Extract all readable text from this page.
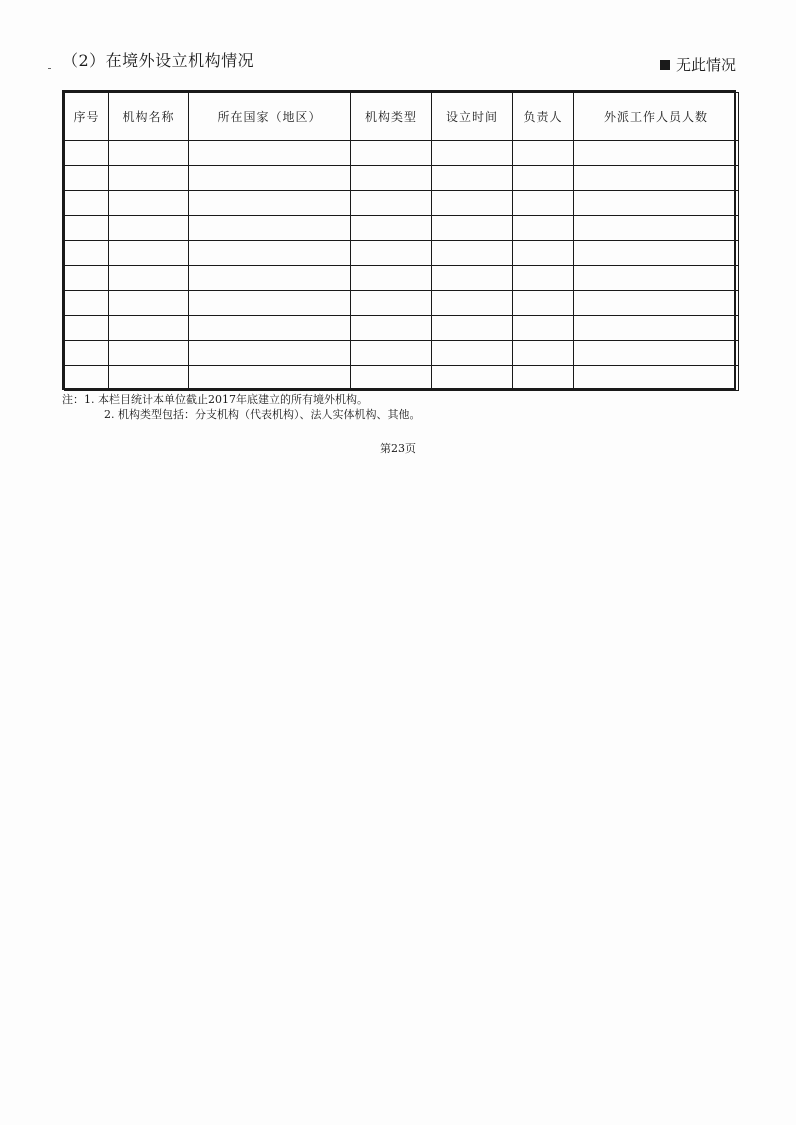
（2）在境外设立机构情况	无此情况
序号	机构名称	所在国家（地区）	机构类型	设立时间	负责人	外派工作人员人数

注：1. 本栏目统计本单位截止2017年底建立的所有境外机构。
2. 机构类型包括：分支机构（代表机构）、法人实体机构、其他。
第23页
